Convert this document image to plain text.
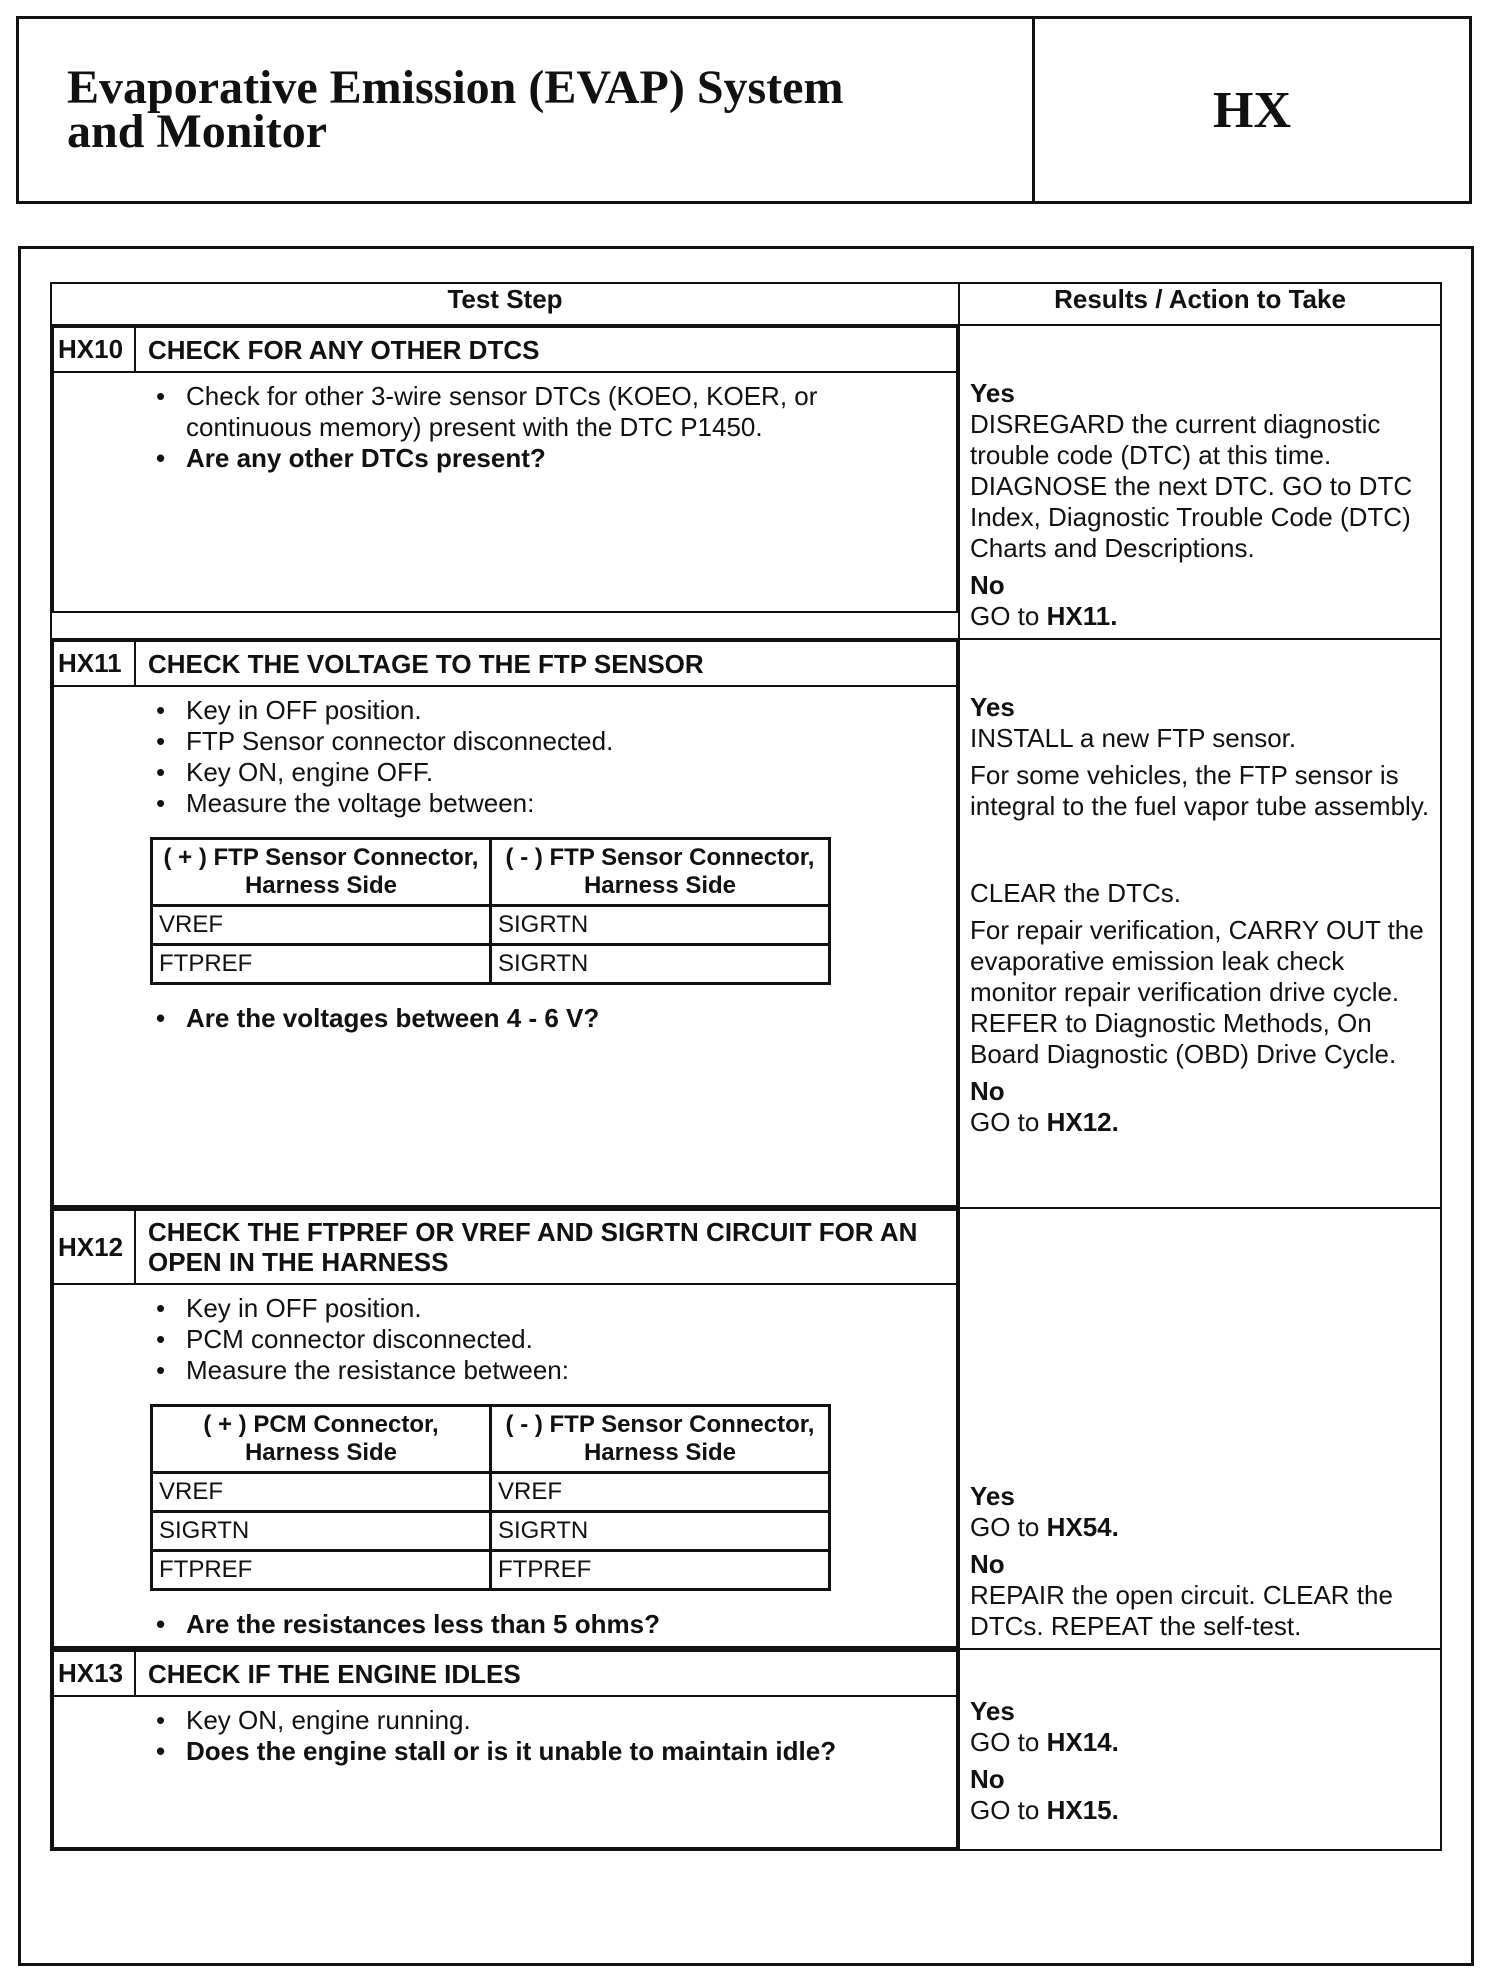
Evaporative Emission (EVAP) System
and Monitor	HX
Test Step	Results / Action to Take

HX10	CHECK FOR ANY OTHER DTCS

• Check for other 3-wire sensor DTCs (KOEO, KOER, or continuous memory) present with the DTC P1450.
• Are any other DTCs present?

Yes
DISREGARD the current diagnostic trouble code (DTC) at this time. DIAGNOSE the next DTC. GO to DTC Index, Diagnostic Trouble Code (DTC) Charts and Descriptions.
No
GO to HX11.

HX11	CHECK THE VOLTAGE TO THE FTP SENSOR

• Key in OFF position.
• FTP Sensor connector disconnected.
• Key ON, engine OFF.
• Measure the voltage between:
( + ) FTP Sensor Connector, Harness Side	( - ) FTP Sensor Connector, Harness Side
VREF	SIGRTN
FTPREF	SIGRTN
• Are the voltages between 4 - 6 V?

Yes
INSTALL a new FTP sensor.
For some vehicles, the FTP sensor is integral to the fuel vapor tube assembly.
CLEAR the DTCs.
For repair verification, CARRY OUT the evaporative emission leak check monitor repair verification drive cycle. REFER to Diagnostic Methods, On Board Diagnostic (OBD) Drive Cycle.
No
GO to HX12.

HX12	CHECK THE FTPREF OR VREF AND SIGRTN CIRCUIT FOR AN OPEN IN THE HARNESS

• Key in OFF position.
• PCM connector disconnected.
• Measure the resistance between:
( + ) PCM Connector, Harness Side	( - ) FTP Sensor Connector, Harness Side
VREF	VREF
SIGRTN	SIGRTN
FTPREF	FTPREF
• Are the resistances less than 5 ohms?

Yes
GO to HX54.
No
REPAIR the open circuit. CLEAR the DTCs. REPEAT the self-test.

HX13	CHECK IF THE ENGINE IDLES

• Key ON, engine running.
• Does the engine stall or is it unable to maintain idle?

Yes
GO to HX14.
No
GO to HX15.
